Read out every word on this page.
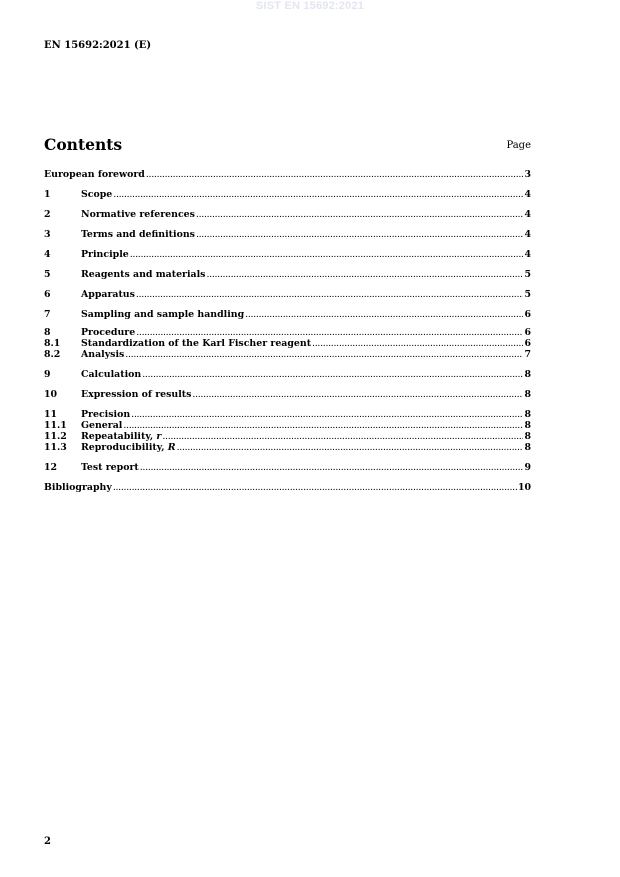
SIST EN 15692:2021
EN 15692:2021 (E)
Contents	Page
European foreword .....	3
1	Scope .....	4
2	Normative references .....	4
3	Terms and definitions .....	4
4	Principle .....	4
5	Reagents and materials .....	5
6	Apparatus .....	5
7	Sampling and sample handling .....	6
8	Procedure .....	6
8.1	Standardization of the Karl Fischer reagent .....	6
8.2	Analysis .....	7
9	Calculation .....	8
10	Expression of results .....	8
11	Precision .....	8
11.1	General .....	8
11.2	Repeatability, r .....	8
11.3	Reproducibility, R .....	8
12	Test report .....	9
Bibliography .....	10
2
